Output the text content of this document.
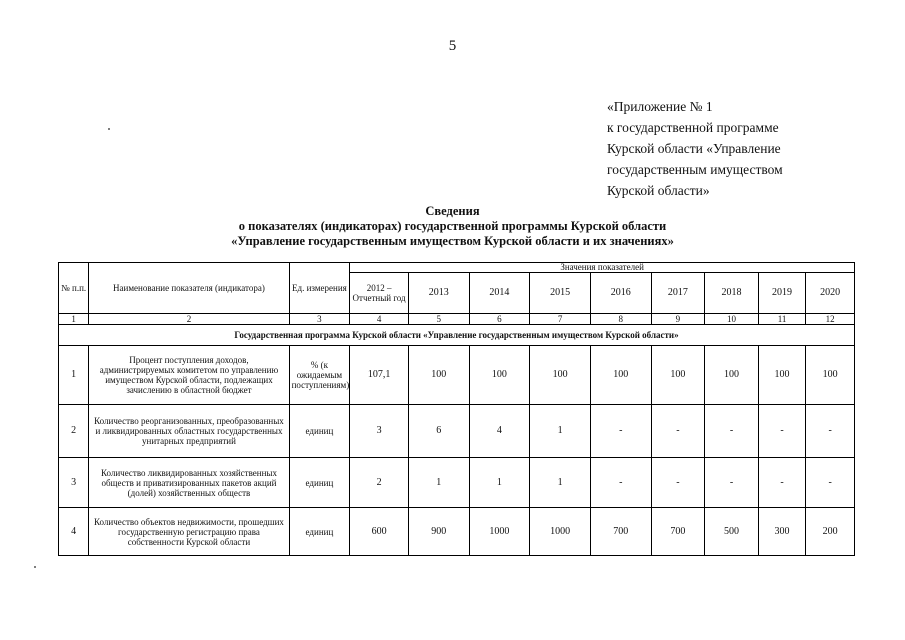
5
«Приложение № 1
к государственной программе
Курской области «Управление
государственным имуществом
Курской области»
Сведения
о показателях (индикаторах) государственной программы Курской области
«Управление государственным имуществом Курской области и их значениях»
№ п.п.	Наименование показателя (индикатора)	Ед. измерения	Значения показателей								
			2012 – Отчетный год	2013	2014	2015	2016	2017	2018	2019	2020
1	2	3	4	5	6	7	8	9	10	11	12
Государственная программа Курской области «Управление государственным имуществом Курской области»											
1	Процент поступления доходов, администрируемых комитетом по управлению имуществом Курской области, подлежащих зачислению в областной бюджет	% (к ожидаемым поступлениям)	107,1	100	100	100	100	100	100	100	100
2	Количество реорганизованных, преобразованных и ликвидированных областных государственных унитарных предприятий	единиц	3	6	4	1	-	-	-	-	-
3	Количество ликвидированных хозяйственных обществ и приватизированных пакетов акций (долей) хозяйственных обществ	единиц	2	1	1	1	-	-	-	-	-
4	Количество объектов недвижимости, прошедших государственную регистрацию права собственности Курской области	единиц	600	900	1000	1000	700	700	500	300	200
